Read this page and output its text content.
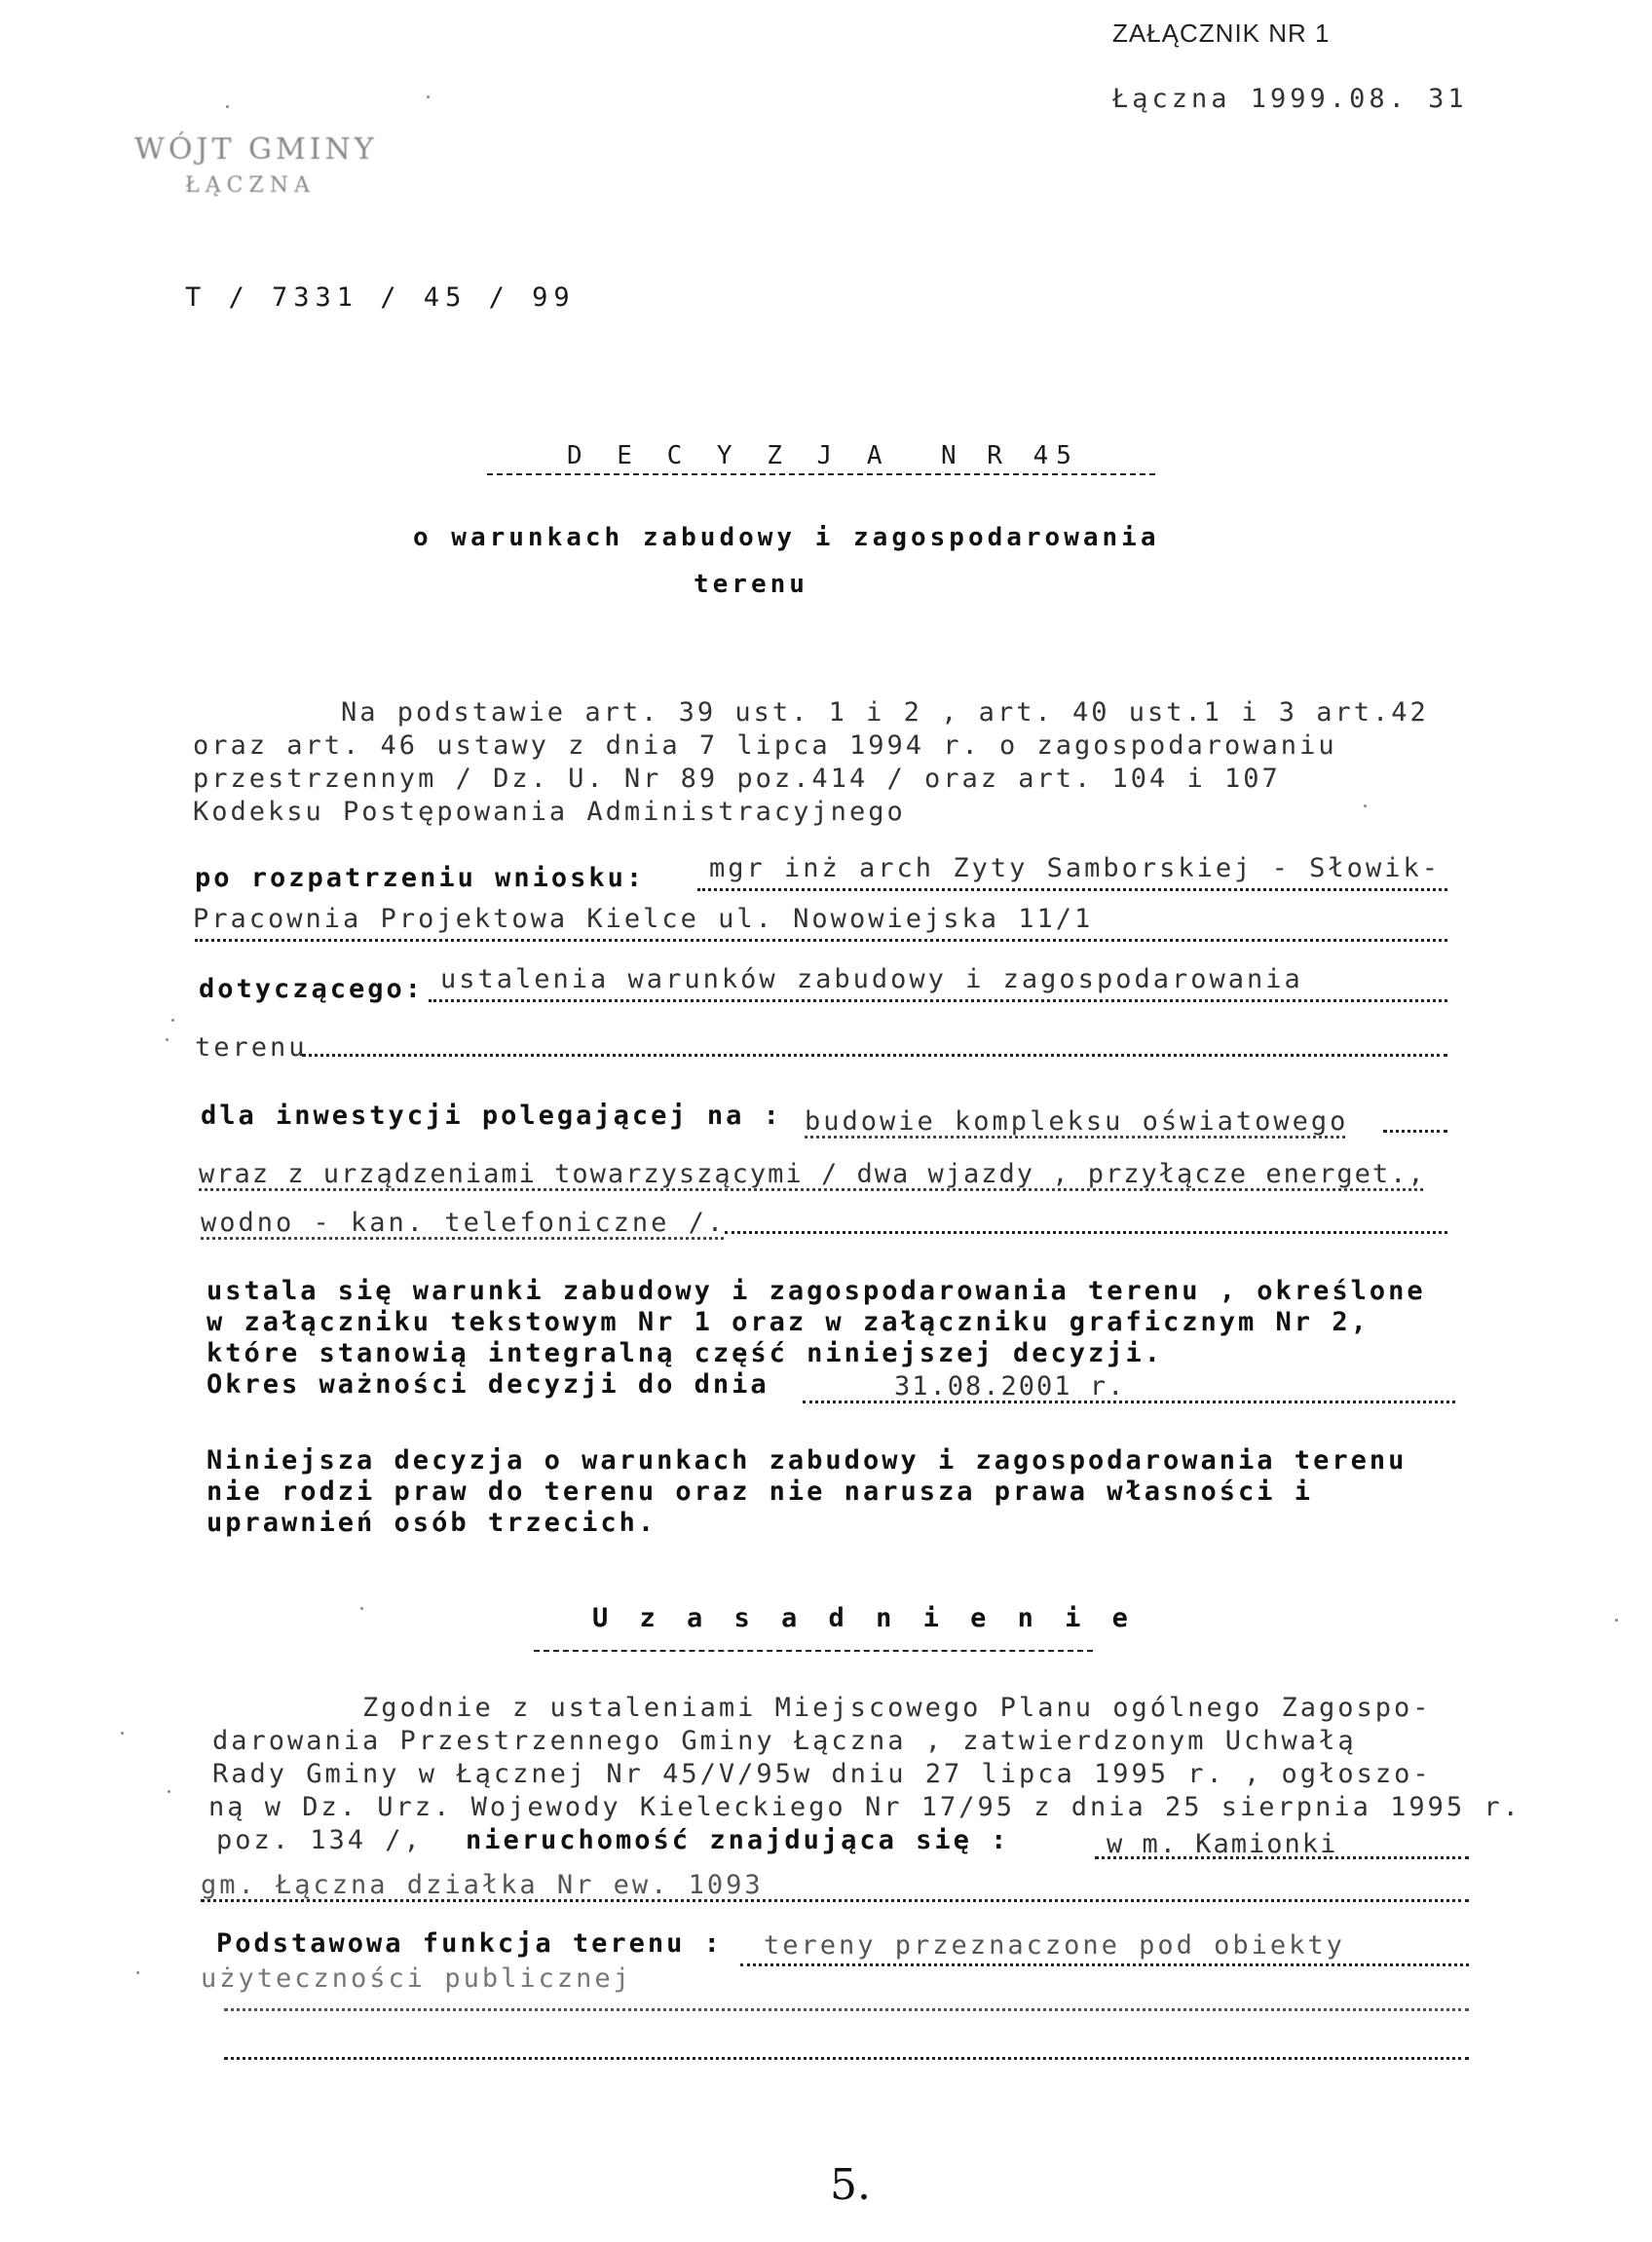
ZAŁĄCZNIK NR 1
Łączna 1999.08. 31
WÓJT GMINY
ŁĄCZNA
T / 7331 / 45 / 99
D E C Y Z J A N R 45
o warunkach zabudowy i zagospodarowania
terenu
Na podstawie art. 39 ust. 1 i 2 , art. 40 ust.1 i 3 art.42
oraz art. 46 ustawy z dnia 7 lipca 1994 r. o zagospodarowaniu
przestrzennym / Dz. U. Nr 89 poz.414 / oraz art. 104 i 107
Kodeksu Postępowania Administracyjnego
po rozpatrzeniu wniosku: mgr inż arch Zyty Samborskiej - Słowik-
Pracownia Projektowa Kielce ul. Nowowiejska 11/1
dotyczącego: ustalenia warunków zabudowy i zagospodarowania
terenu
dla inwestycji polegającej na : budowie kompleksu oświatowego
wraz z urządzeniami towarzyszącymi / dwa wjazdy , przyłącze energet.,
wodno - kan. telefoniczne /.
ustala się warunki zabudowy i zagospodarowania terenu , określone
w załączniku tekstowym Nr 1 oraz w załączniku graficznym Nr 2,
które stanowią integralną część niniejszej decyzji.
Okres ważności decyzji do dnia	31.08.2001 r.
Niniejsza decyzja o warunkach zabudowy i zagospodarowania terenu
nie rodzi praw do terenu oraz nie narusza prawa własności i
uprawnień osób trzecich.
U z a s a d n i e n i e
Zgodnie z ustaleniami Miejscowego Planu ogólnego Zagospo-
darowania Przestrzennego Gminy Łączna , zatwierdzonym Uchwałą
Rady Gminy w Łącznej Nr 45/V/95w dniu 27 lipca 1995 r. , ogłoszo-
ną w Dz. Urz. Wojewody Kieleckiego Nr 17/95 z dnia 25 sierpnia 1995 r.
poz. 134 /, nieruchomość znajdująca się :	w m. Kamionki
gm. Łączna działka Nr ew. 1093
Podstawowa funkcja terenu : tereny przeznaczone pod obiekty
użyteczności publicznej
5.
